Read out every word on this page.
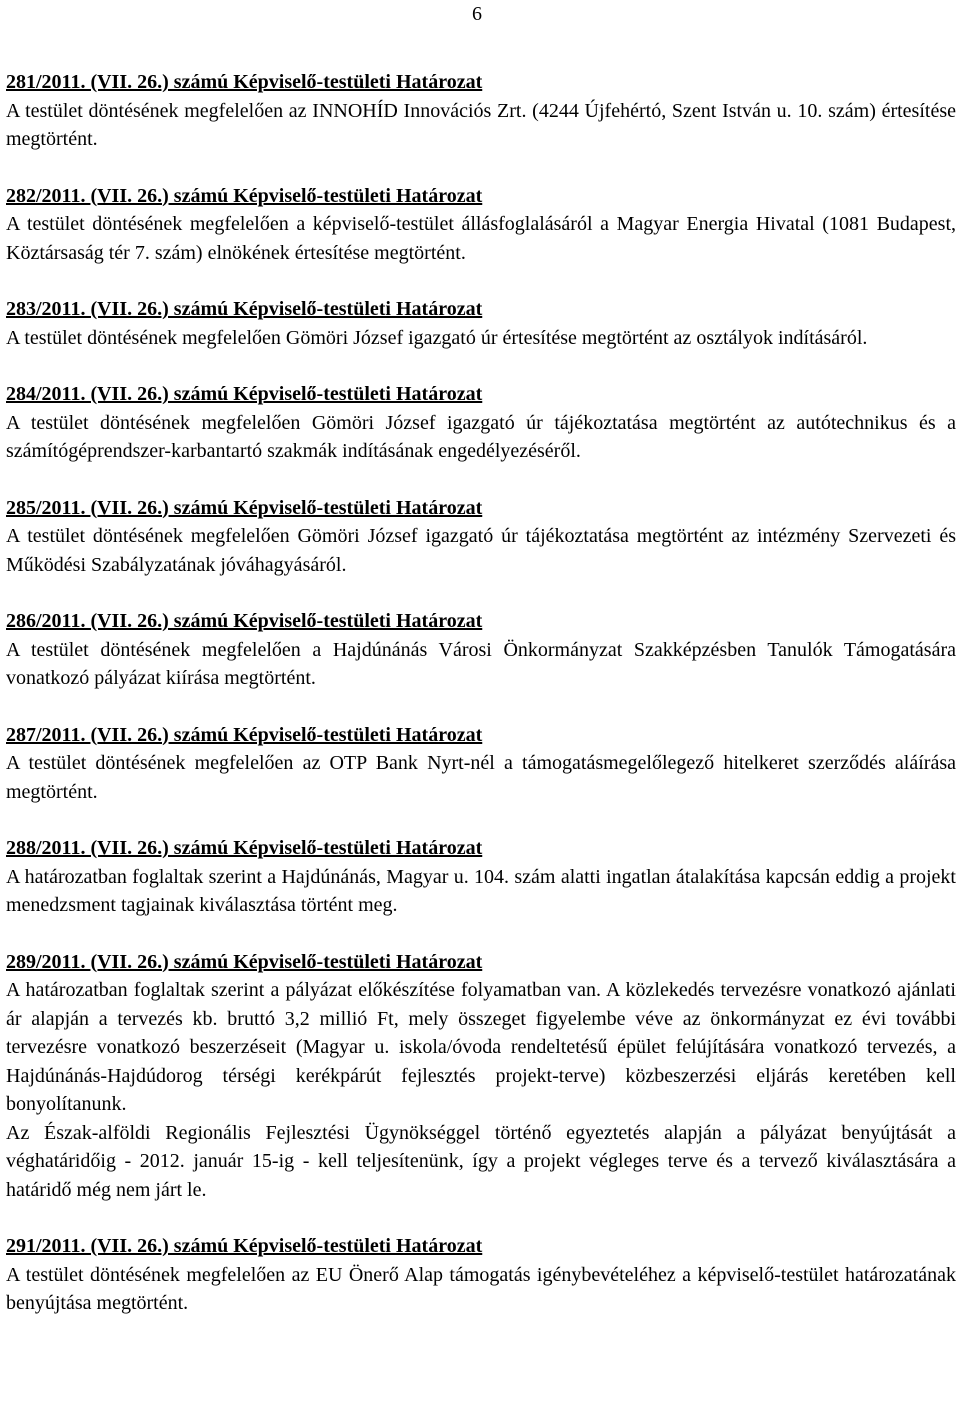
6
281/2011. (VII. 26.) számú Képviselő-testületi Határozat

A testület döntésének megfelelően az INNOHÍD Innovációs Zrt. (4244 Újfehértó, Szent István u. 10. szám) értesítése megtörtént.

282/2011. (VII. 26.) számú Képviselő-testületi Határozat

A testület döntésének megfelelően a képviselő-testület állásfoglalásáról a Magyar Energia Hivatal (1081 Budapest, Köztársaság tér 7. szám) elnökének értesítése megtörtént.

283/2011. (VII. 26.) számú Képviselő-testületi Határozat

A testület döntésének megfelelően Gömöri József igazgató úr értesítése megtörtént az osztályok indításáról.

284/2011. (VII. 26.) számú Képviselő-testületi Határozat

A testület döntésének megfelelően Gömöri József igazgató úr tájékoztatása megtörtént az autótechnikus és a számítógéprendszer-karbantartó szakmák indításának engedélyezéséről.

285/2011. (VII. 26.) számú Képviselő-testületi Határozat

A testület döntésének megfelelően Gömöri József igazgató úr tájékoztatása megtörtént az intézmény Szervezeti és Működési Szabályzatának jóváhagyásáról.

286/2011. (VII. 26.) számú Képviselő-testületi Határozat

A testület döntésének megfelelően a Hajdúnánás Városi Önkormányzat Szakképzésben Tanulók Támogatására vonatkozó pályázat kiírása megtörtént.

287/2011. (VII. 26.) számú Képviselő-testületi Határozat

A testület döntésének megfelelően az OTP Bank Nyrt-nél a támogatásmegelőlegező hitelkeret szerződés aláírása megtörtént.

288/2011. (VII. 26.) számú Képviselő-testületi Határozat

A határozatban foglaltak szerint a Hajdúnánás, Magyar u. 104. szám alatti ingatlan átalakítása kapcsán eddig a projekt menedzsment tagjainak kiválasztása történt meg.

289/2011. (VII. 26.) számú Képviselő-testületi Határozat

A határozatban foglaltak szerint a pályázat előkészítése folyamatban van. A közlekedés tervezésre vonatkozó ajánlati ár alapján a tervezés kb. bruttó 3,2 millió Ft, mely összeget figyelembe véve az önkormányzat ez évi további tervezésre vonatkozó beszerzéseit (Magyar u. iskola/óvoda rendeltetésű épület felújítására vonatkozó tervezés, a Hajdúnánás-Hajdúdorog térségi kerékpárút fejlesztés projekt-terve) közbeszerzési eljárás keretében kell bonyolítanunk.

Az Észak-alföldi Regionális Fejlesztési Ügynökséggel történő egyeztetés alapján a pályázat benyújtását a véghatáridőig - 2012. január 15-ig - kell teljesítenünk, így a projekt végleges terve és a tervező kiválasztására a határidő még nem járt le.

291/2011. (VII. 26.) számú Képviselő-testületi Határozat

A testület döntésének megfelelően az EU Önerő Alap támogatás igénybevételéhez a képviselő-testület határozatának benyújtása megtörtént.
